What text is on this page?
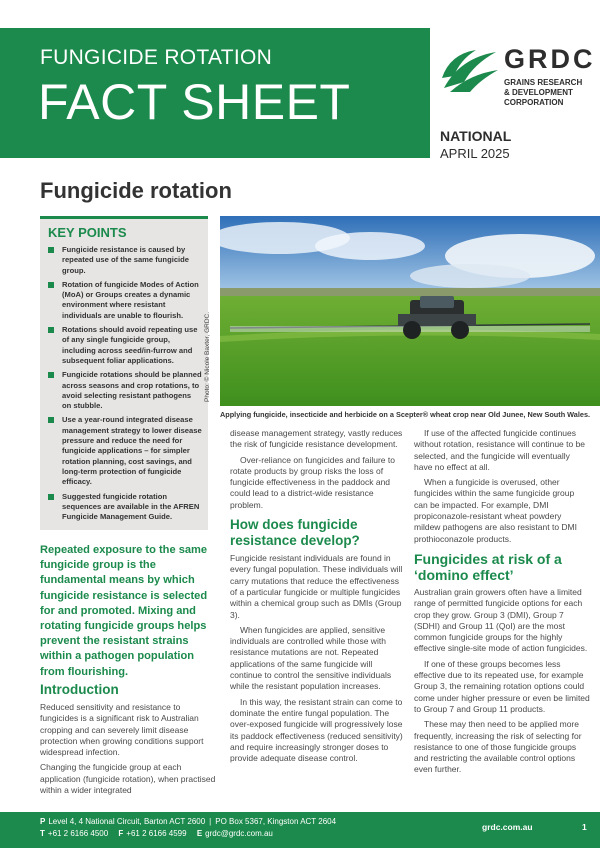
FUNGICIDE ROTATION
FACT SHEET
GRDC
GRAINS RESEARCH
& DEVELOPMENT
CORPORATION
NATIONAL
APRIL 2025
Fungicide rotation
KEY POINTS
Fungicide resistance is caused by repeated use of the same fungicide group.
Rotation of fungicide Modes of Action (MoA) or Groups creates a dynamic environment where resistant individuals are unable to flourish.
Rotations should avoid repeating use of any single fungicide group, including across seed/in-furrow and subsequent foliar applications.
Fungicide rotations should be planned across seasons and crop rotations, to avoid selecting resistant pathogens on stubble.
Use a year-round integrated disease management strategy to lower disease pressure and reduce the need for fungicide applications – for simpler rotation planning, cost savings, and long-term protection of fungicide efficacy.
Suggested fungicide rotation sequences are available in the AFREN Fungicide Management Guide.
Photo: © Nicole Baxter, GRDC.
Applying fungicide, insecticide and herbicide on a Scepter® wheat crop near Old Junee, New South Wales.
Repeated exposure to the same fungicide group is the fundamental means by which fungicide resistance is selected for and promoted. Mixing and rotating fungicide groups helps prevent the resistant strains within a pathogen population from flourishing.
Introduction

Reduced sensitivity and resistance to fungicides is a significant risk to Australian cropping and can severely limit disease protection when growing conditions support widespread infection.

Changing the fungicide group at each application (fungicide rotation), when practised within a wider integrated

disease management strategy, vastly reduces the risk of fungicide resistance development.

Over-reliance on fungicides and failure to rotate products by group risks the loss of fungicide effectiveness in the paddock and could lead to a district-wide resistance problem.

How does fungicide resistance develop?

Fungicide resistant individuals are found in every fungal population. These individuals will carry mutations that reduce the effectiveness of a particular fungicide or multiple fungicides within a chemical group such as DMIs (Group 3).

When fungicides are applied, sensitive individuals are controlled while those with resistance mutations are not. Repeated applications of the same fungicide will continue to control the sensitive individuals while the resistant population increases.

In this way, the resistant strain can come to dominate the entire fungal population. The over-exposed fungicide will progressively lose its paddock effectiveness (reduced sensitivity) and require increasingly stronger doses to provide adequate disease control.

If use of the affected fungicide continues without rotation, resistance will continue to be selected, and the fungicide will eventually have no effect at all.

When a fungicide is overused, other fungicides within the same fungicide group can be impacted. For example, DMI propiconazole-resistant wheat powdery mildew pathogens are also resistant to DMI prothioconazole products.

Fungicides at risk of a ‘domino effect’

Australian grain growers often have a limited range of permitted fungicide options for each crop they grow. Group 3 (DMI), Group 7 (SDHI) and Group 11 (QoI) are the most common fungicide groups for the highly effective single-site mode of action fungicides.

If one of these groups becomes less effective due to its repeated use, for example Group 3, the remaining rotation options could come under higher pressure or even be limited to Group 7 and Group 11 products.

These may then need to be applied more frequently, increasing the risk of selecting for resistance to one of those fungicide groups and restricting the available control options even further.

P Level 4, 4 National Circuit, Barton ACT 2600 | PO Box 5367, Kingston ACT 2604
T +61 2 6166 4500 F +61 2 6166 4599 E grdc@grdc.com.au
grdc.com.au	1
